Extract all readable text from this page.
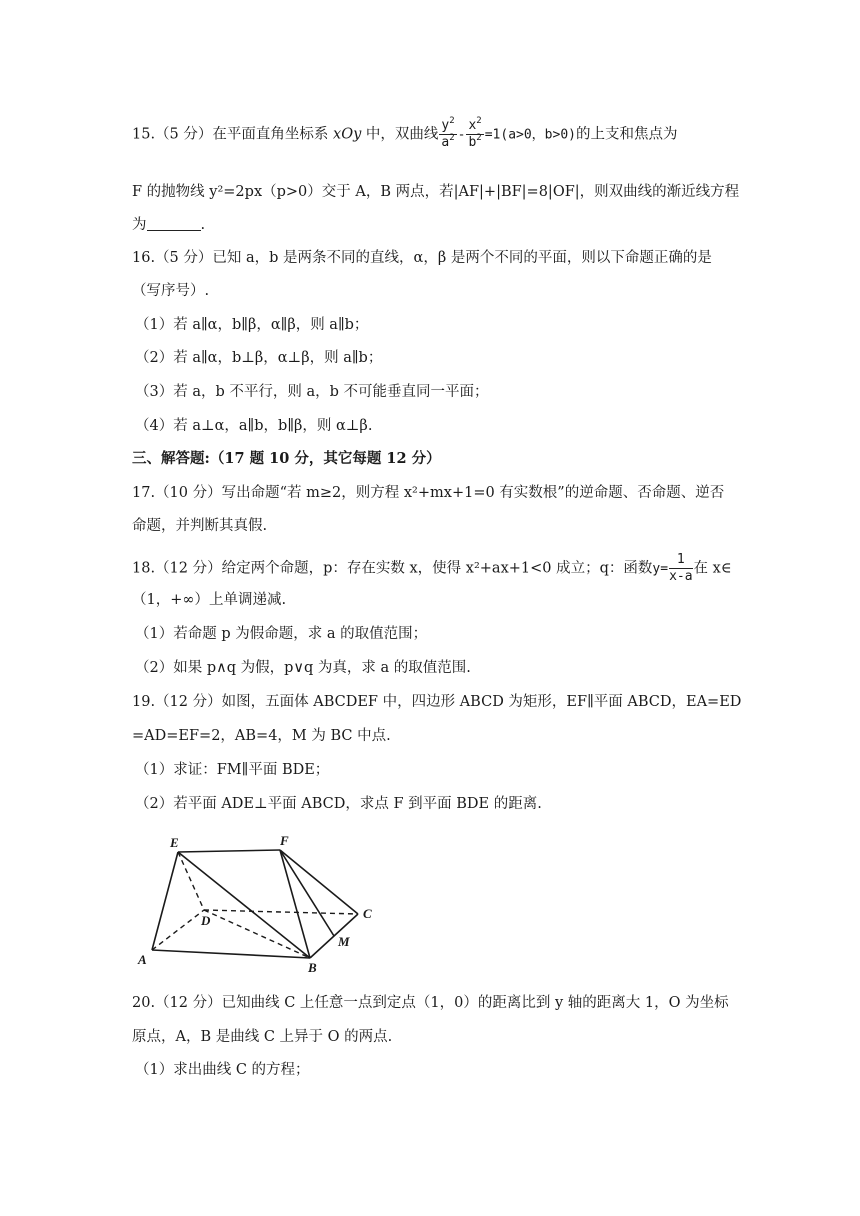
15.（5 分）在平面直角坐标系 xOy 中，双曲线 $\frac{y^2}{a^2} - \frac{x^2}{b^2} =1(a>0$，b>0)的上支和焦点为
F 的抛物线 y²=2px（p>0）交于 A，B 两点，若|AF|+|BF|=8|OF|，则双曲线的渐近线方程
为	.
16.（5 分）已知 a，b 是两条不同的直线，α，β 是两个不同的平面，则以下命题正确的是
（写序号）.
（1）若 a∥α，b∥β，α∥β，则 a∥b；
（2）若 a∥α，b⊥β，α⊥β，则 a∥b；
（3）若 a，b 不平行，则 a，b 不可能垂直同一平面；
（4）若 a⊥α，a∥b，b∥β，则 α⊥β.
三、解答题:（17 题 10 分，其它每题 12 分）
17.（10 分）写出命题“若 m≥2，则方程 x²+mx+1=0 有实数根”的逆命题、否命题、逆否
命题，并判断其真假.
18.（12 分）给定两个命题，p：存在实数 x，使得 x²+ax+1<0 成立；q：函数$y= \frac{1}{x-a}$ 在 x∈
（1，+∞）上单调递减.
（1）若命题 p 为假命题，求 a 的取值范围；
（2）如果 p∧q 为假，p∨q 为真，求 a 的取值范围.
19.（12 分）如图，五面体 ABCDEF 中，四边形 ABCD 为矩形，EF∥平面 ABCD，EA=ED
=AD=EF=2，AB=4，M 为 BC 中点.
（1）求证：FM∥平面 BDE；
（2）若平面 ADE⊥平面 ABCD，求点 F 到平面 BDE 的距离.
E	F
D	C
A
B
M
20.（12 分）已知曲线 C 上任意一点到定点（1，0）的距离比到 y 轴的距离大 1，O 为坐标
原点，A，B 是曲线 C 上异于 O 的两点.
（1）求出曲线 C 的方程；
